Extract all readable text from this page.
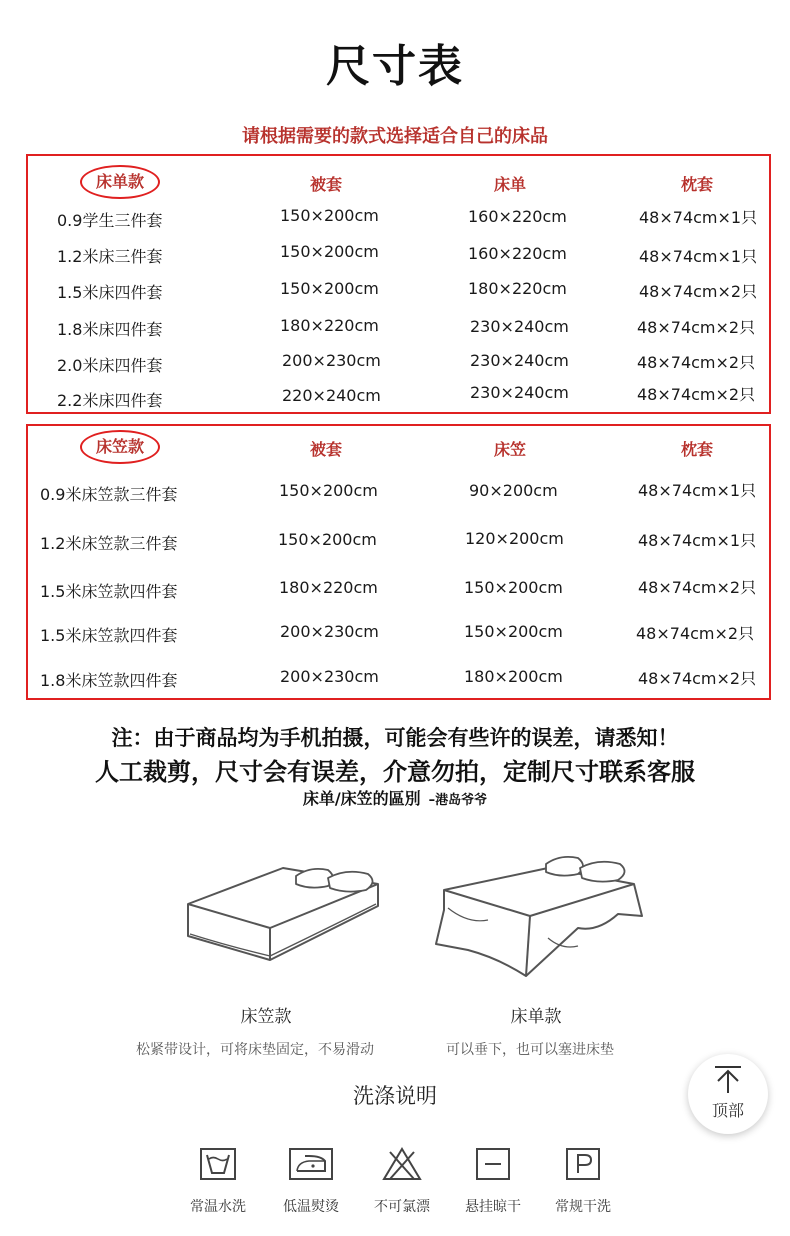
尺寸表
请根据需要的款式选择适合自己的床品
床单款	被套	床单	枕套
0.9学生三件套	150×200cm	160×220cm	48×74cm×1只
1.2米床三件套	150×200cm	160×220cm	48×74cm×1只
1.5米床四件套	150×200cm	180×220cm	48×74cm×2只
1.8米床四件套	180×220cm	230×240cm	48×74cm×2只
2.0米床四件套	200×230cm	230×240cm	48×74cm×2只
2.2米床四件套	220×240cm	230×240cm	48×74cm×2只
床笠款	被套	床笠	枕套
0.9米床笠款三件套	150×200cm	90×200cm	48×74cm×1只
1.2米床笠款三件套	150×200cm	120×200cm	48×74cm×1只
1.5米床笠款四件套	180×220cm	150×200cm	48×74cm×2只
1.5米床笠款四件套	200×230cm	150×200cm	48×74cm×2只
1.8米床笠款四件套	200×230cm	180×200cm	48×74cm×2只
注：由于商品均为手机拍摄，可能会有些许的误差，请悉知！
人工裁剪，尺寸会有误差，介意勿拍，定制尺寸联系客服
床单/床笠的區別 –港岛爷爷
床笠款	床单款
松紧带设计，可将床垫固定，不易滑动	可以垂下，也可以塞进床垫
洗涤说明
顶部
常温水洗	低温熨烫	不可氯漂	悬挂晾干	常规干洗
